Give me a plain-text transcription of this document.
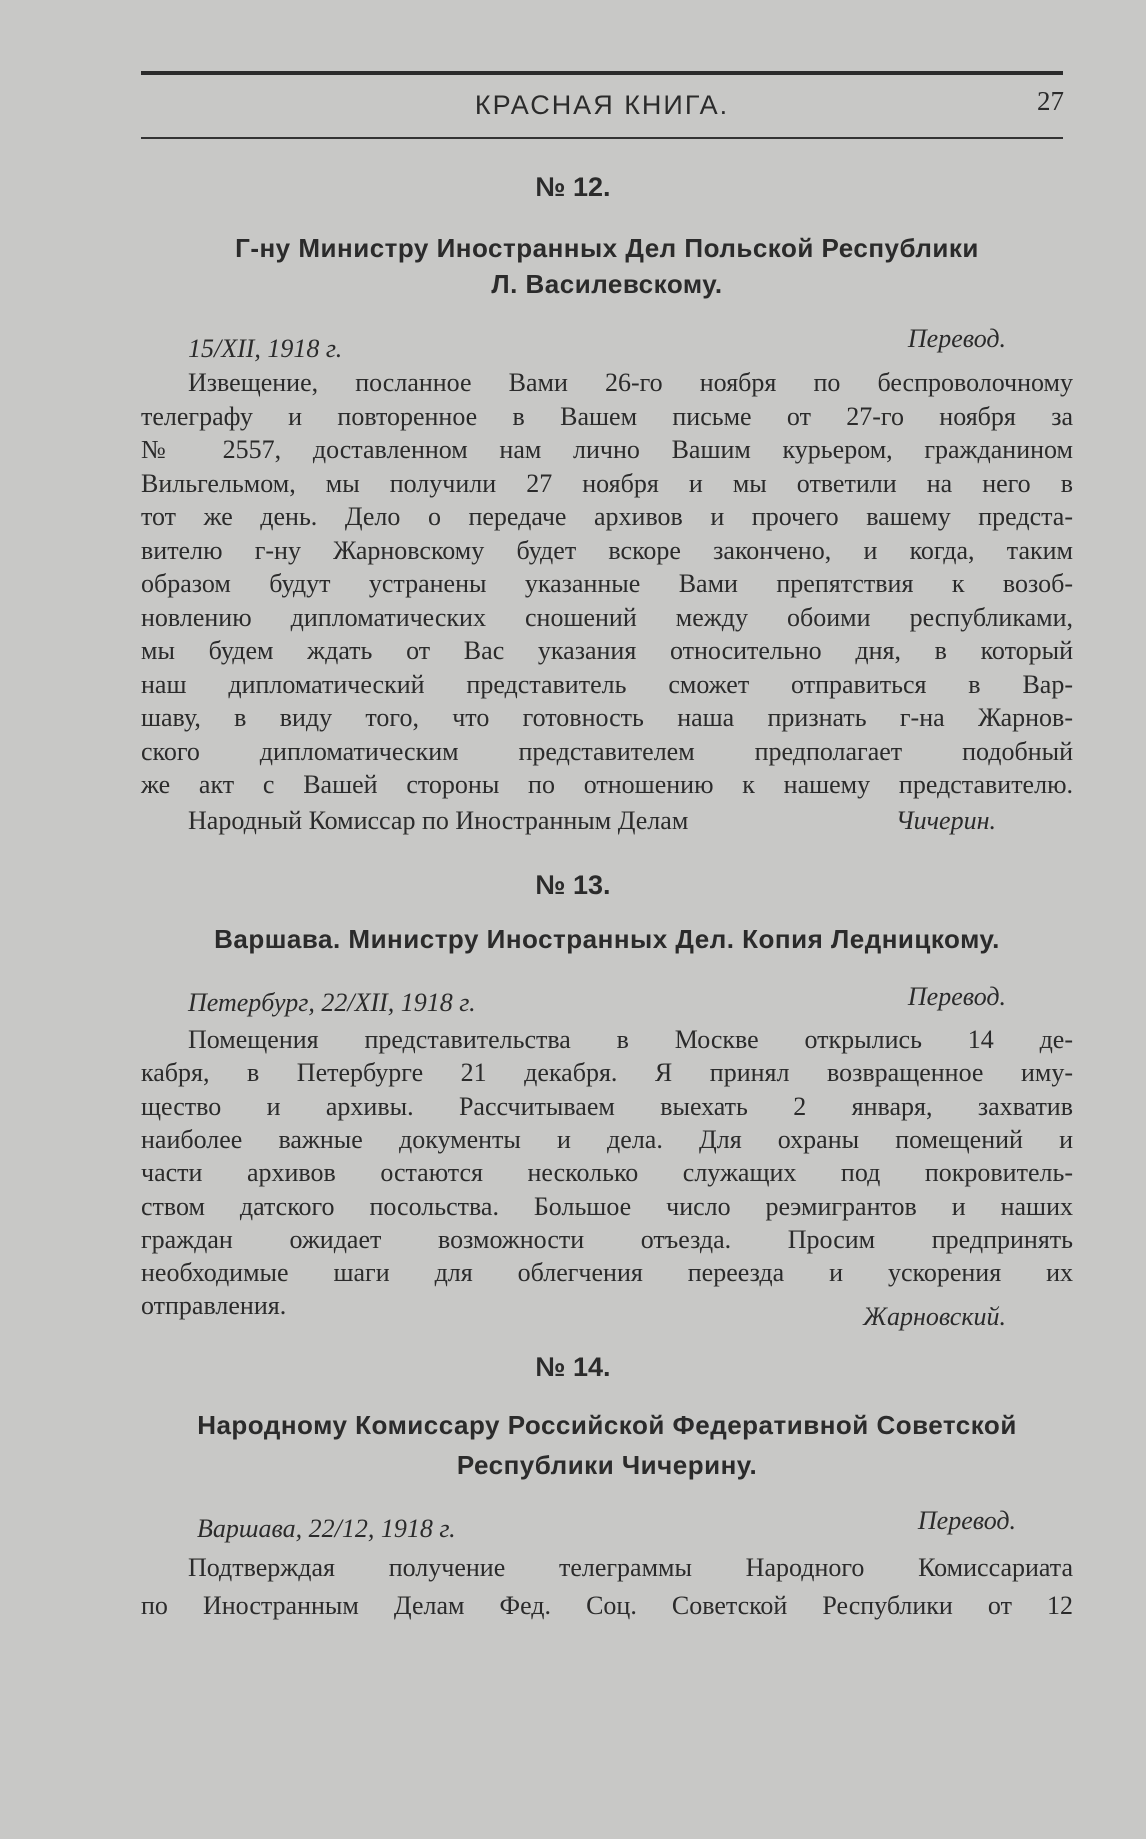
КРАСНАЯ КНИГА.	27
№ 12.
Г-ну Министру Иностранных Дел Польской Республики
Л. Василевскому.
15/XII, 1918 г.	Перевод.
Извещение, посланное Вами 26-го ноября по беспроволочному
телеграфу и повторенное в Вашем письме от 27-го ноября за
№ 2557, доставленном нам лично Вашим курьером, гражданином
Вильгельмом, мы получили 27 ноября и мы ответили на него в
тот же день. Дело о передаче архивов и прочего вашему предста-
вителю г-ну Жарновскому будет вскоре закончено, и когда, таким
образом будут устранены указанные Вами препятствия к возоб-
новлению дипломатических сношений между обоими республиками,
мы будем ждать от Вас указания относительно дня, в который
наш дипломатический представитель сможет отправиться в Вар-
шаву, в виду того, что готовность наша признать г-на Жарнов-
ского дипломатическим представителем предполагает подобный
же акт с Вашей стороны по отношению к нашему представителю.
Народный Комиссар по Иностранным Делам	Чичерин.
№ 13.
Варшава. Министру Иностранных Дел. Копия Ледницкому.
Петербург, 22/XII, 1918 г.	Перевод.
Помещения представительства в Москве открылись 14 де-
кабря, в Петербурге 21 декабря. Я принял возвращенное иму-
щество и архивы. Рассчитываем выехать 2 января, захватив
наиболее важные документы и дела. Для охраны помещений и
части архивов остаются несколько служащих под покровитель-
ством датского посольства. Большое число реэмигрантов и наших
граждан ожидает возможности отъезда. Просим предпринять
необходимые шаги для облегчения переезда и ускорения их
отправления.	Жарновский.
№ 14.
Народному Комиссару Российской Федеративной Советской
Республики Чичерину.
Варшава, 22/12, 1918 г.	Перевод.
Подтверждая получение телеграммы Народного Комиссариата
по Иностранным Делам Фед. Соц. Советской Республики от 12
